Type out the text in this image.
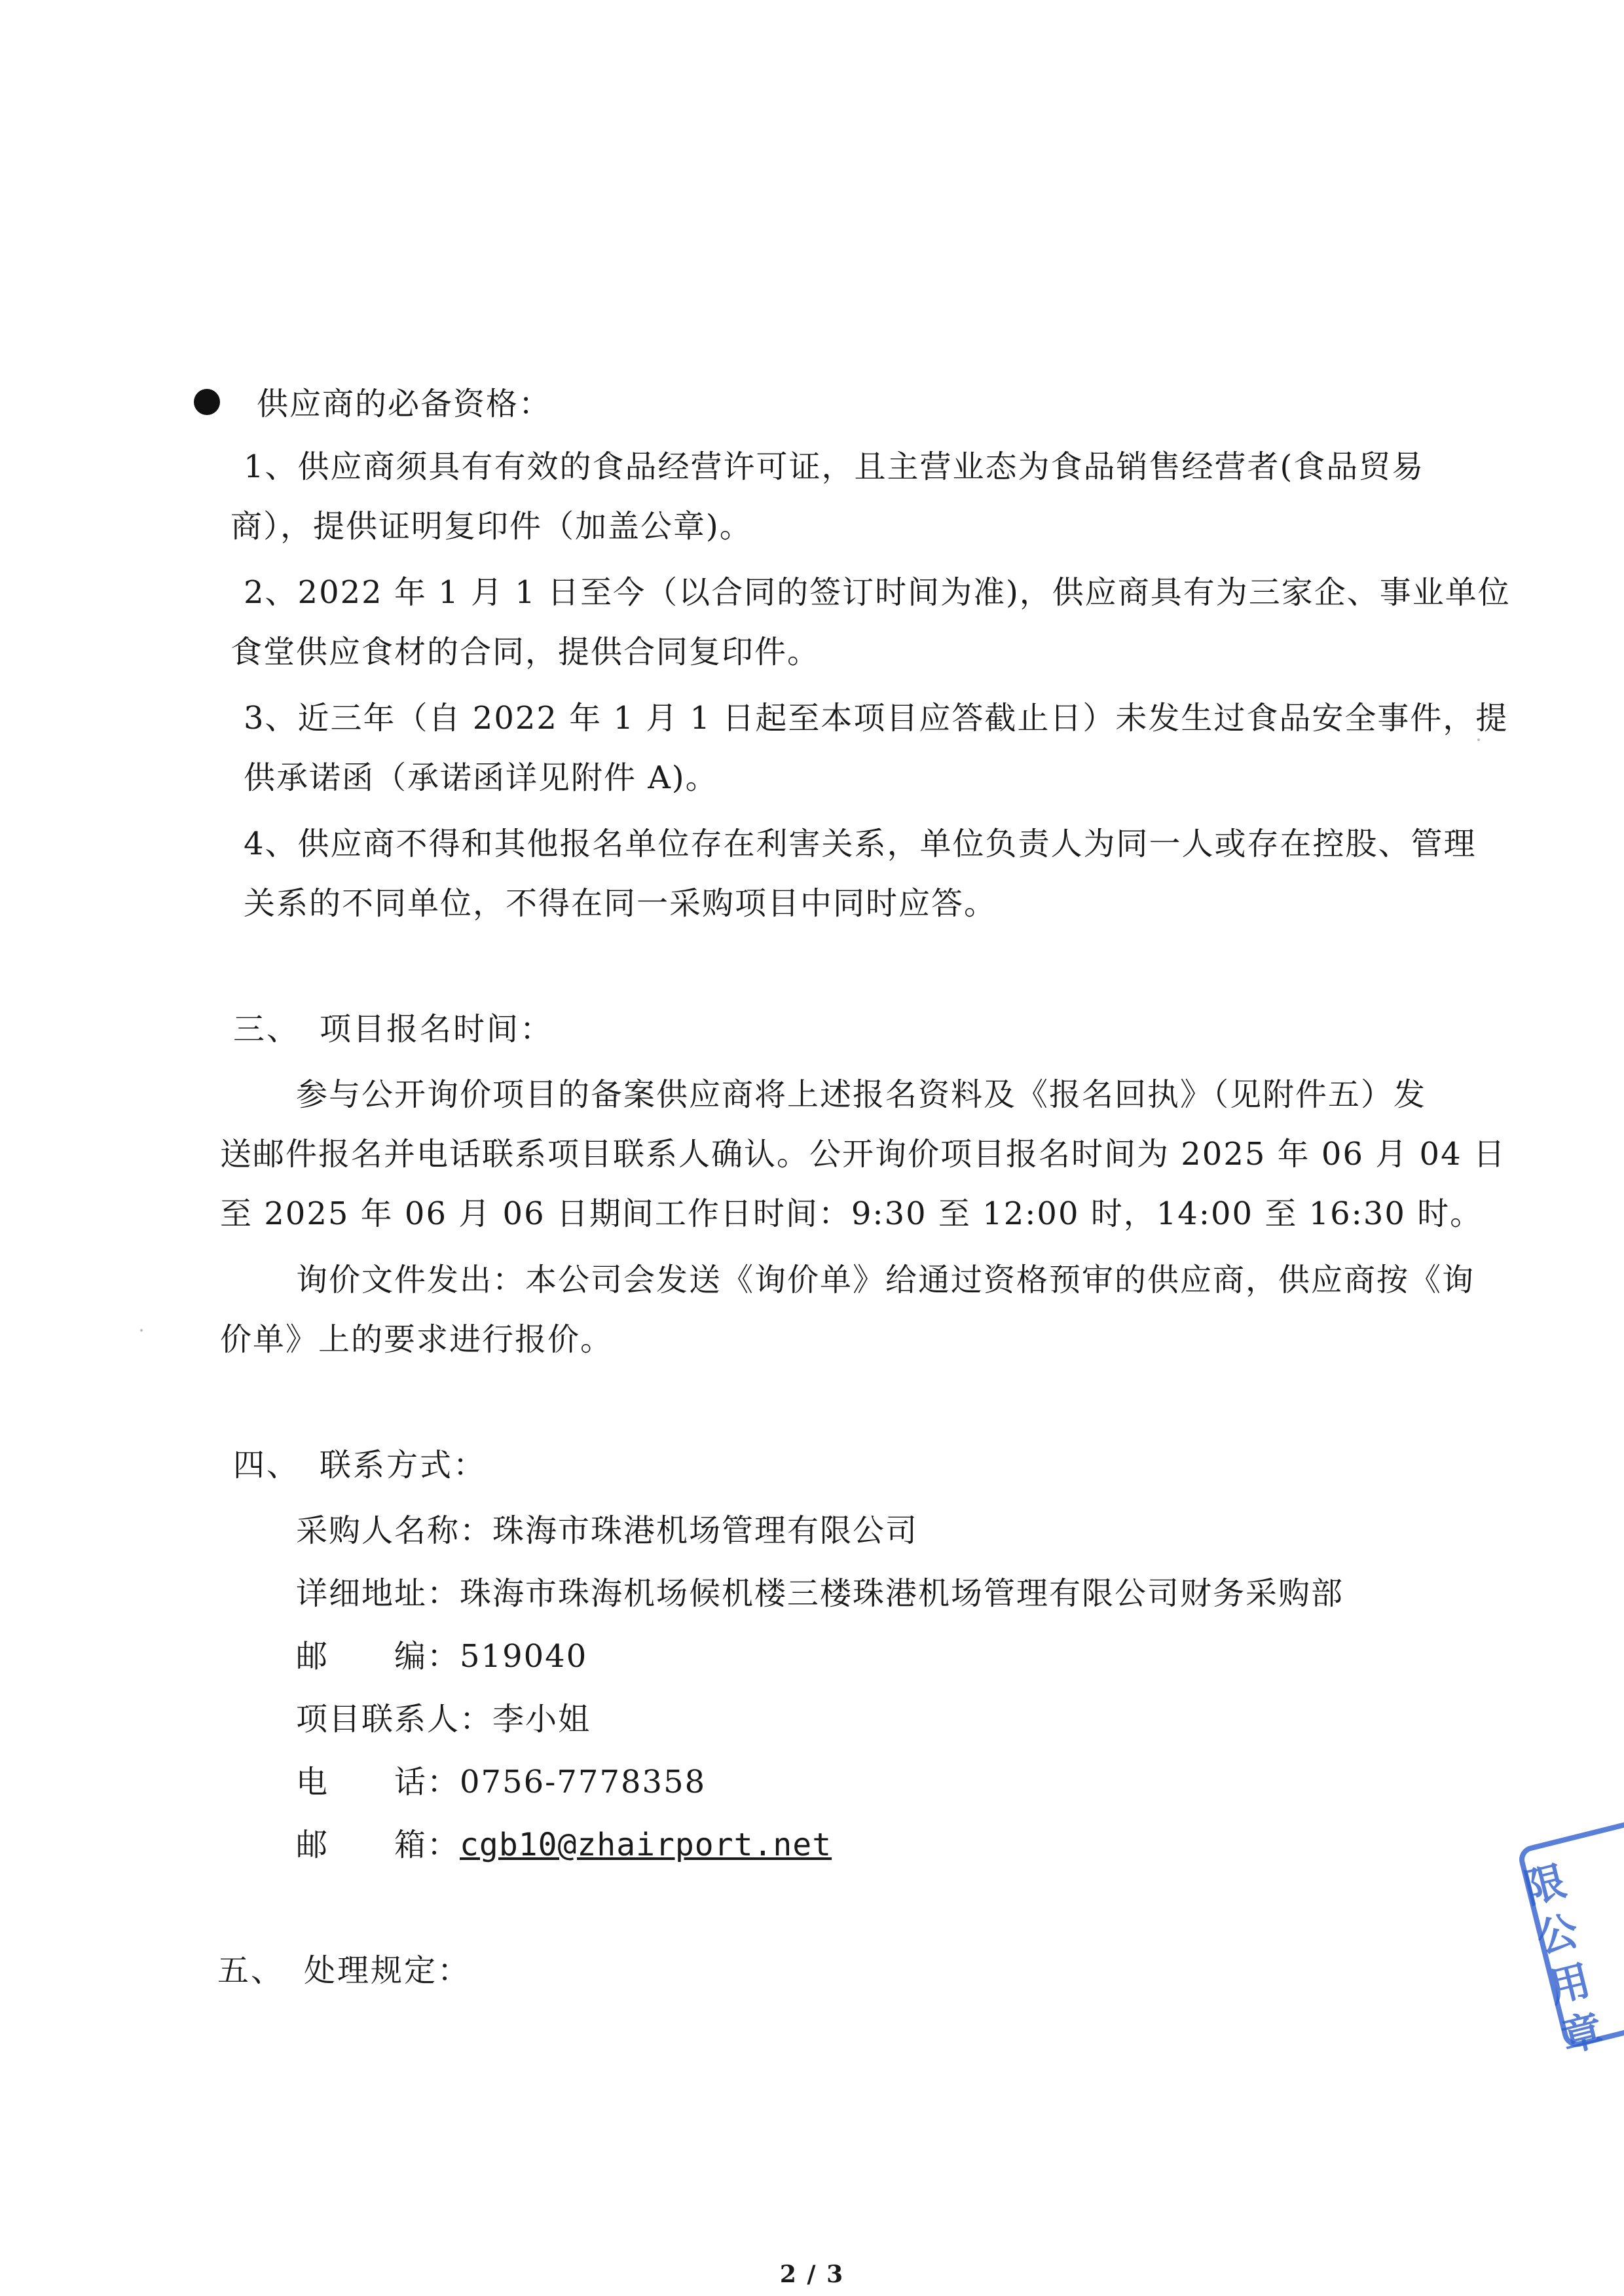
供应商的必备资格：
1、供应商须具有有效的食品经营许可证，且主营业态为食品销售经营者(食品贸易
商），提供证明复印件（加盖公章)。
2、2022 年 1 月 1 日至今（以合同的签订时间为准)，供应商具有为三家企、事业单位
食堂供应食材的合同，提供合同复印件。
3、近三年（自 2022 年 1 月 1 日起至本项目应答截止日）未发生过食品安全事件，提
供承诺函（承诺函详见附件 A)。
4、供应商不得和其他报名单位存在利害关系，单位负责人为同一人或存在控股、管理
关系的不同单位，不得在同一采购项目中同时应答。
三、 项目报名时间：
参与公开询价项目的备案供应商将上述报名资料及《报名回执》（见附件五）发
送邮件报名并电话联系项目联系人确认。公开询价项目报名时间为 2025 年 06 月 04 日
至 2025 年 06 月 06 日期间工作日时间：9:30 至 12:00 时，14:00 至 16:30 时。
询价文件发出：本公司会发送《询价单》给通过资格预审的供应商，供应商按《询
价单》上的要求进行报价。
四、 联系方式：
采购人名称：珠海市珠港机场管理有限公司
详细地址：珠海市珠海机场候机楼三楼珠港机场管理有限公司财务采购部
邮　　编：519040
项目联系人：李小姐
电　　话：0756-7778358
邮　　箱：cgb10@zhairport.net
五、 处理规定：
限公
用章
2 / 3
